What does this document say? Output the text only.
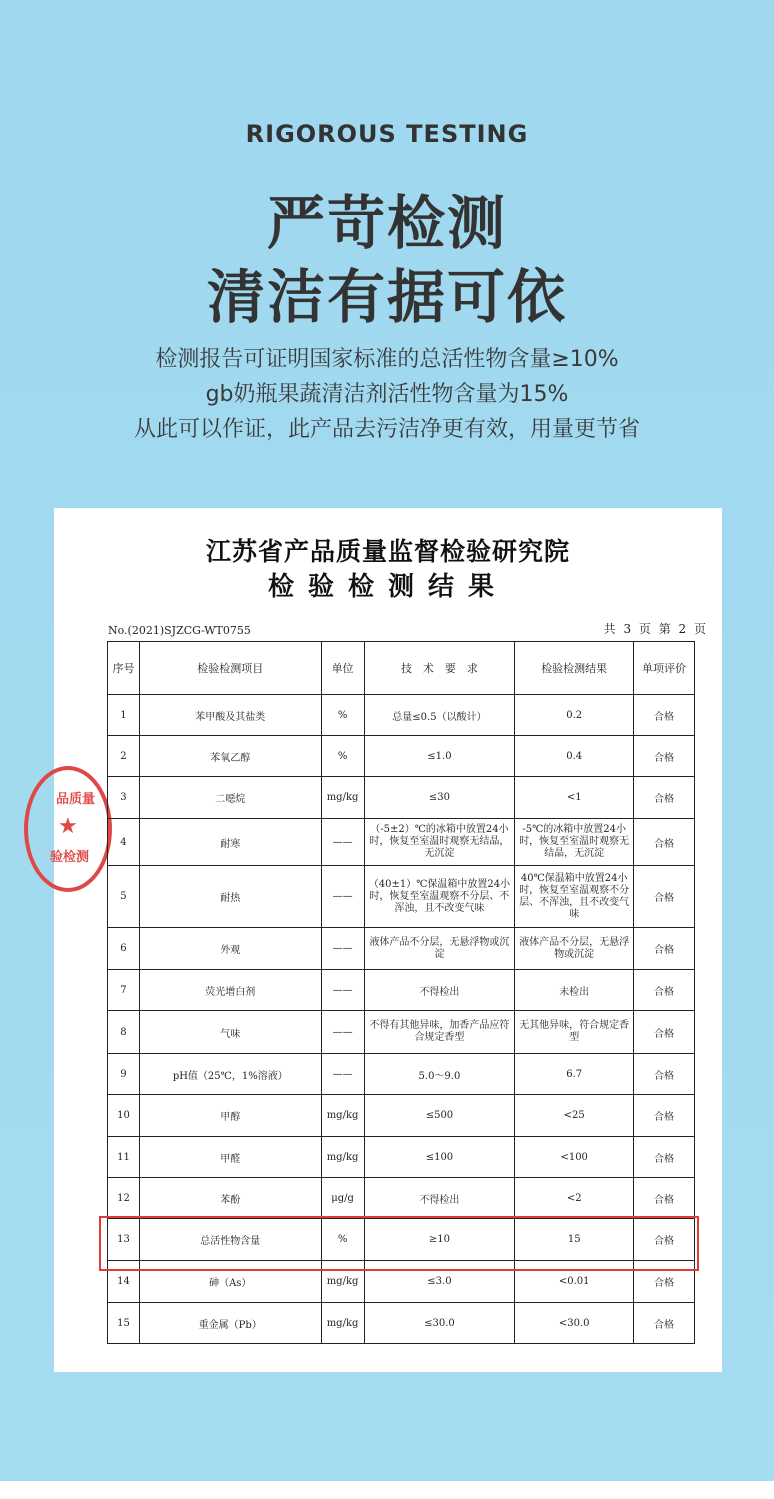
RIGOROUS TESTING
严苛检测
清洁有据可依
检测报告可证明国家标准的总活性物含量≥10%
gb奶瓶果蔬清洁剂活性物含量为15%
从此可以作证，此产品去污洁净更有效，用量更节省
江苏省产品质量监督检验研究院
检验检测结果
No.(2021)SJZCG-WT0755	共 3 页 第 2 页
品质量
★
验检测
序号	检验检测项目	单位	技　术　要　求	检验检测结果	单项评价
1	苯甲酸及其盐类	%	总量≤0.5（以酸计）	0.2	合格
2	苯氧乙醇	%	≤1.0	0.4	合格
3	二噁烷	mg/kg	≤30	<1	合格
4	耐寒	——	（-5±2）℃的冰箱中放置24小时，恢复至室温时观察无结晶，无沉淀	-5℃的冰箱中放置24小时，恢复至室温时观察无结晶，无沉淀	合格
5	耐热	——	（40±1）℃保温箱中放置24小时，恢复至室温观察不分层、不浑浊，且不改变气味	40℃保温箱中放置24小时，恢复至室温观察不分层、不浑浊，且不改变气味	合格
6	外观	——	液体产品不分层，无悬浮物或沉淀	液体产品不分层，无悬浮物或沉淀	合格
7	荧光增白剂	——	不得检出	未检出	合格
8	气味	——	不得有其他异味，加香产品应符合规定香型	无其他异味，符合规定香型	合格
9	pH值（25℃，1%溶液）	——	5.0～9.0	6.7	合格
10	甲醇	mg/kg	≤500	<25	合格
11	甲醛	mg/kg	≤100	<100	合格
12	苯酚	μg/g	不得检出	<2	合格
13	总活性物含量	%	≥10	15	合格
14	砷（As）	mg/kg	≤3.0	<0.01	合格
15	重金属（Pb）	mg/kg	≤30.0	<30.0	合格
